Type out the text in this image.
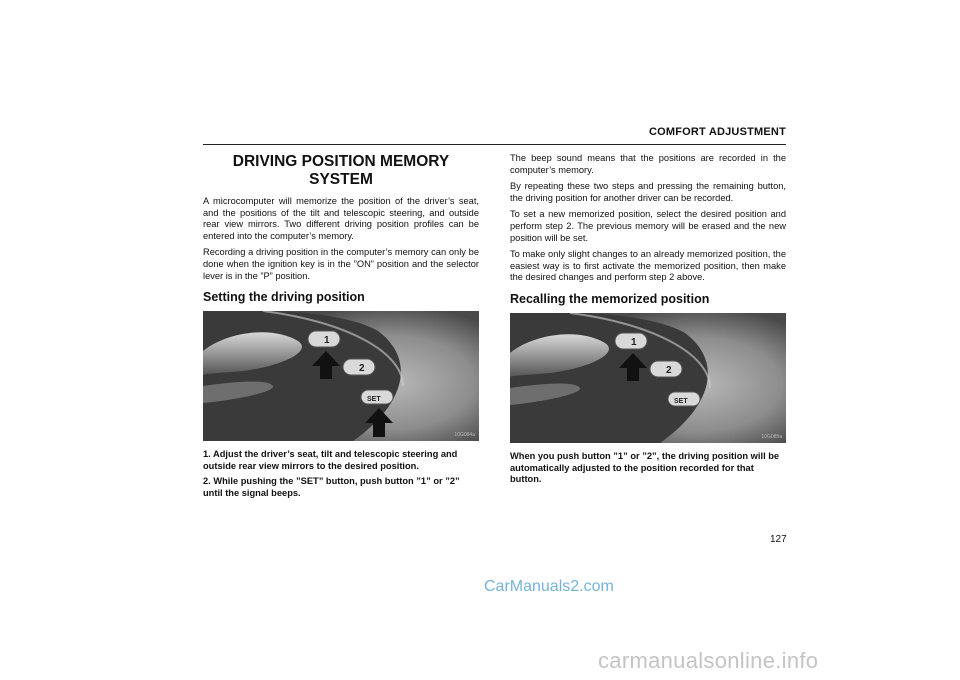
COMFORT ADJUSTMENT
DRIVING POSITION MEMORY
SYSTEM

A microcomputer will memorize the position of the driver’s seat, and the positions of the tilt and telescopic steering, and outside rear view mirrors. Two different driving position profiles can be entered into the computer’s memory.

Recording a driving position in the computer’s memory can only be done when the ignition key is in the ”ON” position and the selector lever is in the ”P” position.

Setting the driving position
1
2
SET
10G084a
1. Adjust the driver’s seat, tilt and telescopic steering and outside rear view mirrors to the desired position.
2. While pushing the ”SET” button, push button ”1” or ”2” until the signal beeps.

The beep sound means that the positions are recorded in the computer’s memory.

By repeating these two steps and pressing the remaining button, the driving position for another driver can be recorded.

To set a new memorized position, select the desired position and perform step 2. The previous memory will be erased and the new position will be set.

To make only slight changes to an already memorized position, the easiest way is to first activate the memorized position, then make the desired changes and perform step 2 above.

Recalling the memorized position
1
2
SET
10G085a
When you push button ”1” or ”2”, the driving position will be automatically adjusted to the position recorded for that button.
127
CarManuals2.com
carmanualsonline.info
